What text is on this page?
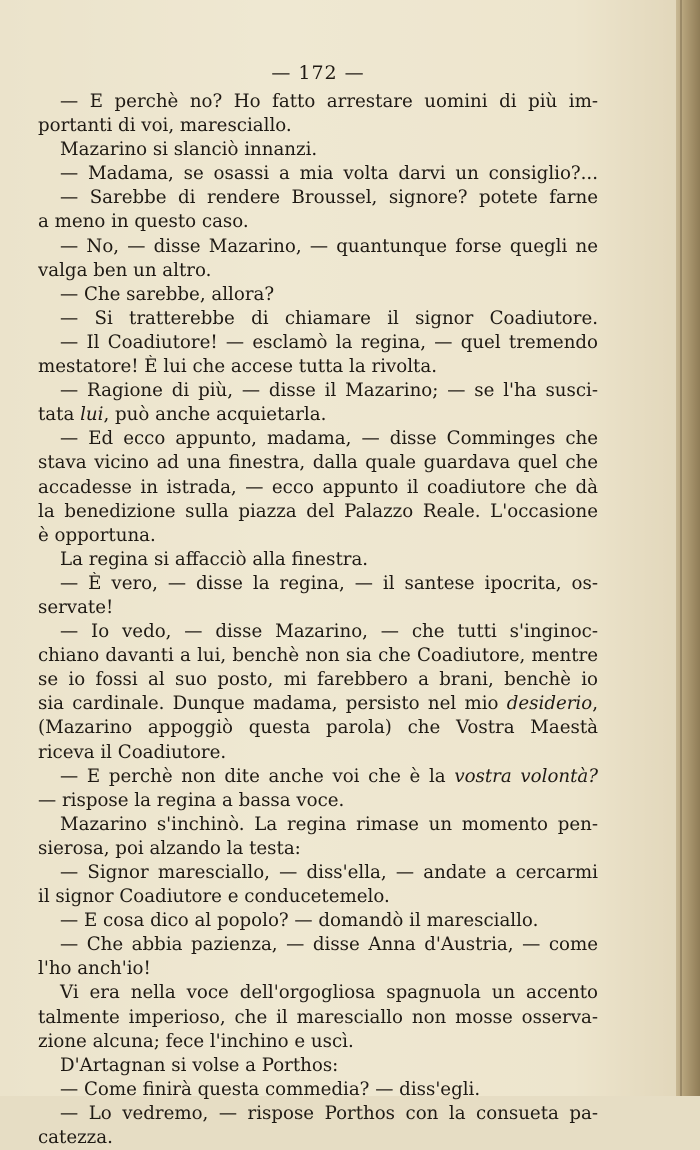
— 172 —
— E perchè no? Ho fatto arrestare uomini di più im-
portanti di voi, maresciallo.
Mazarino si slanciò innanzi.
— Madama, se osassi a mia volta darvi un consiglio?...
— Sarebbe di rendere Broussel, signore? potete farne
a meno in questo caso.
— No, — disse Mazarino, — quantunque forse quegli ne
valga ben un altro.
— Che sarebbe, allora?
— Si tratterebbe di chiamare il signor Coadiutore.
— Il Coadiutore! — esclamò la regina, — quel tremendo
mestatore! È lui che accese tutta la rivolta.
— Ragione di più, — disse il Mazarino; — se l'ha susci-
tata lui, può anche acquietarla.
— Ed ecco appunto, madama, — disse Comminges che
stava vicino ad una finestra, dalla quale guardava quel che
accadesse in istrada, — ecco appunto il coadiutore che dà
la benedizione sulla piazza del Palazzo Reale. L'occasione
è opportuna.
La regina si affacciò alla finestra.
— È vero, — disse la regina, — il santese ipocrita, os-
servate!
— Io vedo, — disse Mazarino, — che tutti s'inginoc-
chiano davanti a lui, benchè non sia che Coadiutore, mentre
se io fossi al suo posto, mi farebbero a brani, benchè io
sia cardinale. Dunque madama, persisto nel mio desiderio,
(Mazarino appoggiò questa parola) che Vostra Maestà
riceva il Coadiutore.
— E perchè non dite anche voi che è la vostra volontà?
— rispose la regina a bassa voce.
Mazarino s'inchinò. La regina rimase un momento pen-
sierosa, poi alzando la testa:
— Signor maresciallo, — diss'ella, — andate a cercarmi
il signor Coadiutore e conducetemelo.
— E cosa dico al popolo? — domandò il maresciallo.
— Che abbia pazienza, — disse Anna d'Austria, — come
l'ho anch'io!
Vi era nella voce dell'orgogliosa spagnuola un accento
talmente imperioso, che il maresciallo non mosse osserva-
zione alcuna; fece l'inchino e uscì.
D'Artagnan si volse a Porthos:
— Come finirà questa commedia? — diss'egli.
— Lo vedremo, — rispose Porthos con la consueta pa-
catezza.
